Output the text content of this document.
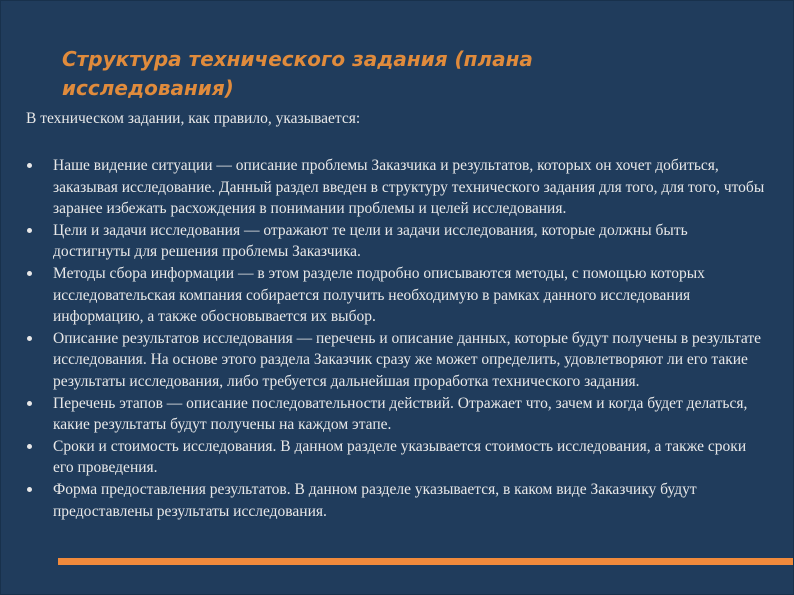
Структура технического задания (плана исследования)
В техническом задании, как правило, указывается:
Наше видение ситуации — описание проблемы Заказчика и результатов, которых он хочет добиться, заказывая исследование. Данный раздел введен в структуру технического задания для того, для того, чтобы заранее избежать расхождения в понимании проблемы и целей исследования.
Цели и задачи исследования — отражают те цели и задачи исследования, которые должны быть достигнуты для решения проблемы Заказчика.
Методы сбора информации — в этом разделе подробно описываются методы, с помощью которых исследовательская компания собирается получить необходимую в рамках данного исследования информацию, а также обосновывается их выбор.
Описание результатов исследования — перечень и описание данных, которые будут получены в результате исследования. На основе этого раздела Заказчик сразу же может определить, удовлетворяют ли его такие результаты исследования, либо требуется дальнейшая проработка технического задания.
Перечень этапов — описание последовательности действий. Отражает что, зачем и когда будет делаться, какие результаты будут получены на каждом этапе.
Сроки и стоимость исследования. В данном разделе указывается стоимость исследования, а также сроки его проведения.
Форма предоставления результатов. В данном разделе указывается, в каком виде Заказчику будут предоставлены результаты исследования.
